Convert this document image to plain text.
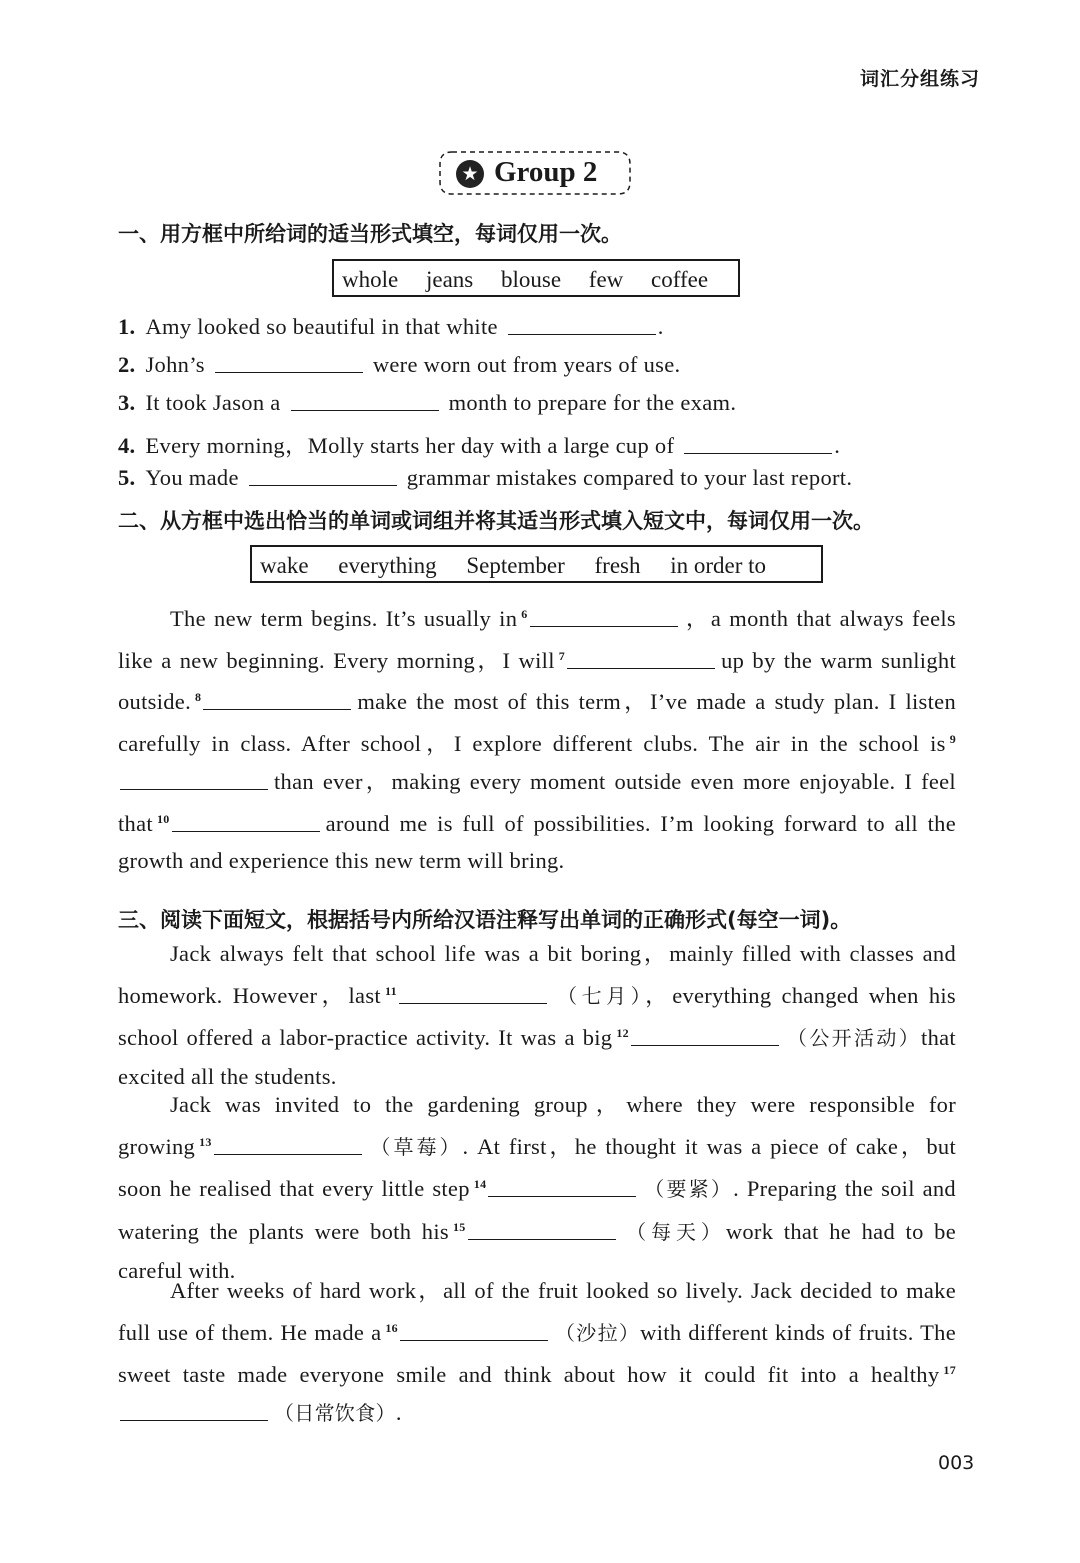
词汇分组练习
★ Group 2
一、用方框中所给词的适当形式填空，每词仅用一次。
whole jeans blouse few coffee
1. Amy looked so beautiful in that white	.
2. John’s	were worn out from years of use.
3. It took Jason a	month to prepare for the exam.
4. Every morning，Molly starts her day with a large cup of	.
5. You made	grammar mistakes compared to your last report.
二、从方框中选出恰当的单词或词组并将其适当形式填入短文中，每词仅用一次。
wake everything September fresh in order to
The new term begins. It’s usually in $^6$	，a month that always feels like a new beginning. Every morning，I will $^7$	up by the warm sunlight outside. $^8$	make the most of this term，I’ve made a study plan. I listen carefully in class. After school，I explore different clubs. The air in the school is $^9$than ever，making every moment outside even more enjoyable. I feel that $^{10}$	around me is full of possibilities. I’m looking forward to all the growth and experience this new term will bring.
三、阅读下面短文，根据括号内所给汉语注释写出单词的正确形式(每空一词)。
Jack always felt that school life was a bit boring，mainly filled with classes and homework. However，last $^{11}$	（七月），everything changed when his school offered a labor-practice activity. It was a big $^{12}$	（公开活动）that excited all the students.
Jack was invited to the gardening group，where they were responsible for growing $^{13}$	（草莓）. At first，he thought it was a piece of cake，but soon he realised that every little step $^{14}$	（要紧）. Preparing the soil and watering the plants were both his $^{15}$	（每天）work that he had to be careful with.
After weeks of hard work，all of the fruit looked so lively. Jack decided to make full use of them. He made a $^{16}$	（沙拉）with different kinds of fruits. The sweet taste made everyone smile and think about how it could fit into a healthy $^{17}$（日常饮食）.
003
